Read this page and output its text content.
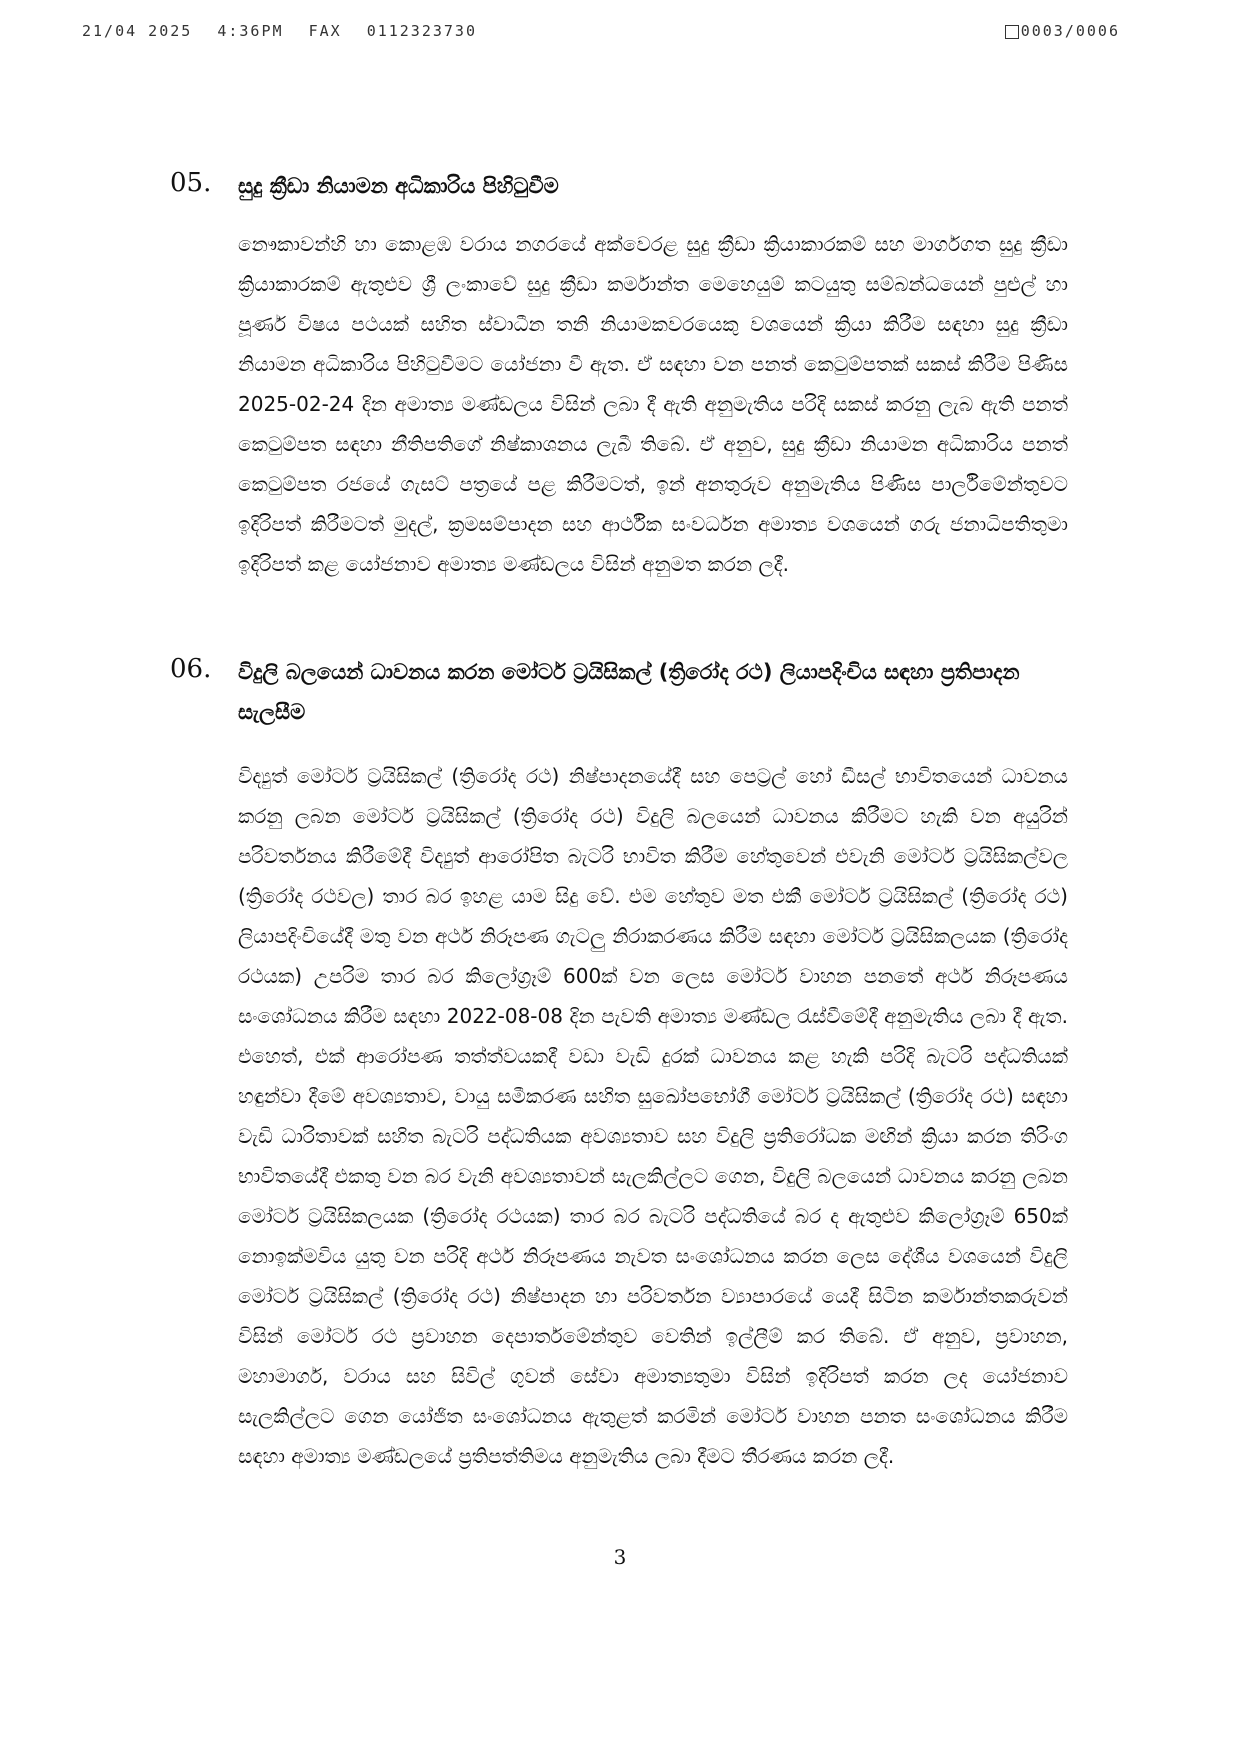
21/04 2025 4:36PM FAX 0112323730	0003/0006
05. සුදු ක්‍රීඩා නියාමන අධිකාරිය පිහිටුවීම
නෞකාවන්හි හා කොළඹ වරාය නගරයේ අක්වෙරළ සුදු ක්‍රීඩා ක්‍රියාකාරකම් සහ මාර්ගගත සුදු ක්‍රීඩා ක්‍රියාකාරකම් ඇතුළුව ශ්‍රී ලංකාවේ සුදු ක්‍රීඩා කර්මාන්ත මෙහෙයුම් කටයුතු සම්බන්ධයෙන් පුළුල් හා පූර්ණ විෂය පථයක් සහිත ස්වාධීන තනි නියාමකවරයෙකු වශයෙන් ක්‍රියා කිරීම සඳහා සුදු ක්‍රීඩා නියාමන අධිකාරිය පිහිටුවීමට යෝජනා වී ඇත. ඒ සඳහා වන පනත් කෙටුම්පතක් සකස් කිරීම පිණිස 2025-02-24 දින අමාත්‍ය මණ්ඩලය විසින් ලබා දී ඇති අනුමැතිය පරිදි සකස් කරනු ලැබ ඇති පනත් කෙටුම්පත සඳහා නීතිපතිගේ නිෂ්කාශනය ලැබී තිබේ. ඒ අනුව, සුදු ක්‍රීඩා නියාමන අධිකාරිය පනත් කෙටුම්පත රජයේ ගැසට් පත්‍රයේ පළ කිරීමටත්, ඉන් අනතුරුව අනුමැතිය පිණිස පාර්ලිමේන්තුවට ඉදිරිපත් කිරීමටත් මුදල්, ක්‍රමසම්පාදන සහ ආර්ථික සංවර්ධන අමාත්‍ය වශයෙන් ගරු ජනාධිපතිතුමා ඉදිරිපත් කළ යෝජනාව අමාත්‍ය මණ්ඩලය විසින් අනුමත කරන ලදී.
06. විදුලි බලයෙන් ධාවනය කරන මෝටර් ට්‍රයිසිකල් (ත්‍රිරෝද රථ) ලියාපදිංචිය සඳහා ප්‍රතිපාදන සැලසීම
විද්‍යුත් මෝටර් ට්‍රයිසිකල් (ත්‍රිරෝද රථ) නිෂ්පාදනයේදී සහ පෙට්‍රල් හෝ ඩීසල් භාවිතයෙන් ධාවනය කරනු ලබන මෝටර් ට්‍රයිසිකල් (ත්‍රිරෝද රථ) විදුලි බලයෙන් ධාවනය කිරීමට හැකි වන අයුරින් පරිවර්තනය කිරීමේදී විද්‍යුත් ආරෝපිත බැටරි භාවිත කිරීම හේතුවෙන් එවැනි මෝටර් ට්‍රයිසිකල්වල (ත්‍රිරෝද රථවල) තාර බර ඉහළ යාම සිදු වේ. එම හේතුව මත එකී මෝටර් ට්‍රයිසිකල් (ත්‍රිරෝද රථ) ලියාපදිංචියේදී මතු වන අර්ථ නිරූපණ ගැටලු නිරාකරණය කිරීම සඳහා මෝටර් ට්‍රයිසිකලයක (ත්‍රිරෝද රථයක) උපරිම තාර බර කිලෝග්‍රෑම් 600ක් වන ලෙස මෝටර් වාහන පනතේ අර්ථ නිරූපණය සංශෝධනය කිරීම සඳහා 2022-08-08 දින පැවති අමාත්‍ය මණ්ඩල රැස්වීමේදී අනුමැතිය ලබා දී ඇත. එහෙත්, එක් ආරෝපණ තත්ත්වයකදී වඩා වැඩි දුරක් ධාවනය කළ හැකි පරිදි බැටරි පද්ධතියක් හඳුන්වා දීමේ අවශ්‍යතාව, වායු සමීකරණ සහිත සුඛෝපභෝගී මෝටර් ට්‍රයිසිකල් (ත්‍රිරෝද රථ) සඳහා වැඩි ධාරිතාවක් සහිත බැටරි පද්ධතියක අවශ්‍යතාව සහ විදුලි ප්‍රතිරෝධක මඟින් ක්‍රියා කරන තිරිංග භාවිතයේදී එකතු වන බර වැනි අවශ්‍යතාවන් සැලකිල්ලට ගෙන, විදුලි බලයෙන් ධාවනය කරනු ලබන මෝටර් ට්‍රයිසිකලයක (ත්‍රිරෝද රථයක) තාර බර බැටරි පද්ධතියේ බර ද ඇතුළුව කිලෝග්‍රෑම් 650ක් නොඉක්මවිය යුතු වන පරිදි අර්ථ නිරූපණය නැවත සංශෝධනය කරන ලෙස දේශීය වශයෙන් විදුලි මෝටර් ට්‍රයිසිකල් (ත්‍රිරෝද රථ) නිෂ්පාදන හා පරිවර්තන ව්‍යාපාරයේ යෙදී සිටින කර්මාන්තකරුවන් විසින් මෝටර් රථ ප්‍රවාහන දෙපාර්තමේන්තුව වෙතින් ඉල්ලීම් කර තිබේ. ඒ අනුව, ප්‍රවාහන, මහාමාර්ග, වරාය සහ සිවිල් ගුවන් සේවා අමාත්‍යතුමා විසින් ඉදිරිපත් කරන ලද යෝජනාව සැලකිල්ලට ගෙන යෝජිත සංශෝධනය ඇතුළත් කරමින් මෝටර් වාහන පනත සංශෝධනය කිරීම සඳහා අමාත්‍ය මණ්ඩලයේ ප්‍රතිපත්තිමය අනුමැතිය ලබා දීමට තීරණය කරන ලදී.
3
